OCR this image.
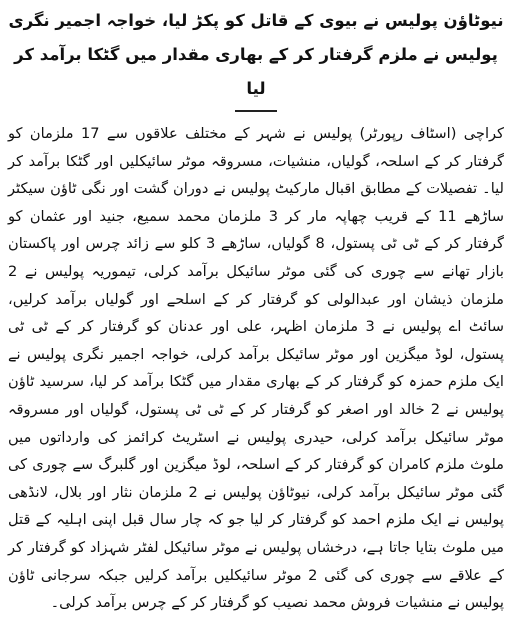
نیوٹاؤن پولیس نے بیوی کے قاتل کو پکڑ لیا، خواجہ اجمیر نگری پولیس نے ملزم گرفتار کر کے بھاری مقدار میں گٹکا برآمد کر لیا

کراچی (اسٹاف رپورٹر) پولیس نے شہر کے مختلف علاقوں سے 17 ملزمان کو گرفتار کر کے اسلحہ، گولیاں، منشیات، مسروقہ موٹر سائیکلیں اور گٹکا برآمد کر لیا۔ تفصیلات کے مطابق اقبال مارکیٹ پولیس نے دوران گشت اور نگی ٹاؤن سیکٹر ساڑھے 11 کے قریب چھاپہ مار کر 3 ملزمان محمد سمیع، جنید اور عثمان کو گرفتار کر کے ٹی ٹی پستول، 8 گولیاں، ساڑھے 3 کلو سے زائد چرس اور پاکستان بازار تھانے سے چوری کی گئی موٹر سائیکل برآمد کرلی، تیموریہ پولیس نے 2 ملزمان ذیشان اور عبدالولی کو گرفتار کر کے اسلحے اور گولیاں برآمد کرلیں، سائٹ اے پولیس نے 3 ملزمان اظہر، علی اور عدنان کو گرفتار کر کے ٹی ٹی پستول، لوڈ میگزین اور موٹر سائیکل برآمد کرلی، خواجہ اجمیر نگری پولیس نے ایک ملزم حمزہ کو گرفتار کر کے بھاری مقدار میں گٹکا برآمد کر لیا، سرسید ٹاؤن پولیس نے 2 خالد اور اصغر کو گرفتار کر کے ٹی ٹی پستول، گولیاں اور مسروقہ موٹر سائیکل برآمد کرلی، حیدری پولیس نے اسٹریٹ کرائمز کی وارداتوں میں ملوث ملزم کامران کو گرفتار کر کے اسلحہ، لوڈ میگزین اور گلبرگ سے چوری کی گئی موٹر سائیکل برآمد کرلی، نیوٹاؤن پولیس نے 2 ملزمان نثار اور بلال، لانڈھی پولیس نے ایک ملزم احمد کو گرفتار کر لیا جو کہ چار سال قبل اپنی اہلیہ کے قتل میں ملوث بتایا جاتا ہے، درخشاں پولیس نے موٹر سائیکل لفٹر شہزاد کو گرفتار کر کے علاقے سے چوری کی گئی 2 موٹر سائیکلیں برآمد کرلیں جبکہ سرجانی ٹاؤن پولیس نے منشیات فروش محمد نصیب کو گرفتار کر کے چرس برآمد کرلی۔
